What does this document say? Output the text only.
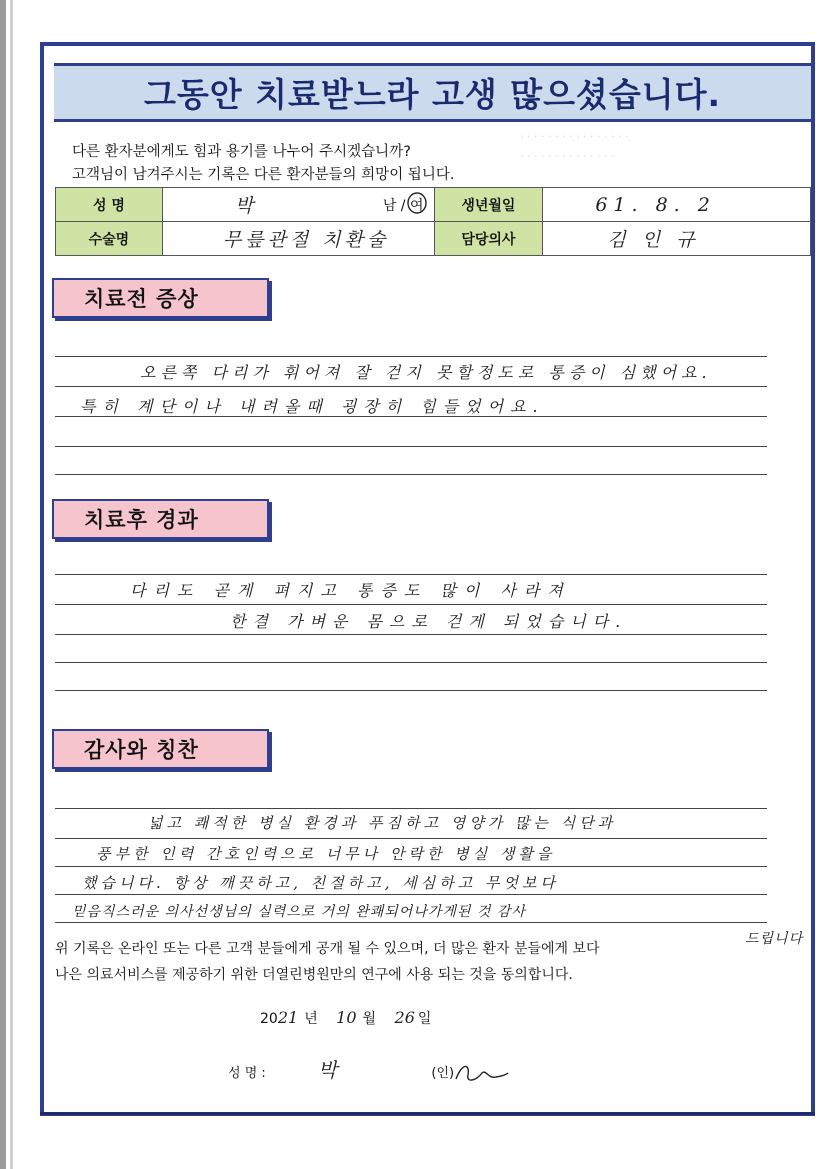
· · · · · · · · · · · · · · · ·
· · · · · · · · · · · · · ·
그동안 치료받느라 고생 많으셨습니다.
다른 환자분에게도 힘과 용기를 나누어 주시겠습니까?
고객님이 남겨주시는 기록은 다른 환자분들의 희망이 됩니다.
성 명	박 남 / 여	생년월일	61. 8. 2
수술명	무릎관절 치환술	담당의사	김 인 규
치료전 증상
오른쪽 다리가 휘어져 잘 걷지 못할정도로 통증이 심했어요.
특히 계단이나 내려올때 굉장히 힘들었어요.
치료후 경과
다리도 곧게 펴지고 통증도 많이 사라져
한결 가벼운 몸으로 걷게 되었습니다.
감사와 칭찬
넓고 쾌적한 병실 환경과 푸짐하고 영양가 많는 식단과
풍부한 인력 간호인력으로 너무나 안락한 병실 생활을
했습니다. 항상 깨끗하고, 친절하고, 세심하고 무엇보다
믿음직스러운 의사선생님의 실력으로 거의 완쾌되어나가게된 것 감사
드립니다
위 기록은 온라인 또는 다른 고객 분들에게 공개 될 수 있으며, 더 많은 환자 분들에게 보다
나은 의료서비스를 제공하기 위한 더열린병원만의 연구에 사용 되는 것을 동의합니다.
2021 년 10 월 26 일
성 명 :	박	(인)
